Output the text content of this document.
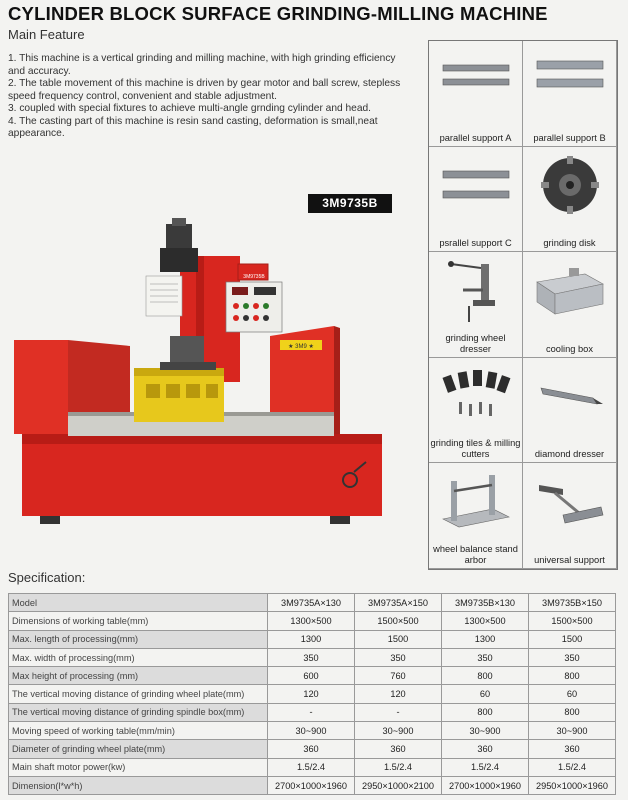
CYLINDER BLOCK SURFACE GRINDING-MILLING MACHINE
Main Feature

1. This machine is a vertical grinding and milling machine, with high grinding efficiency and accuracy.

2. The table movement of this machine is driven by gear motor and ball screw, stepless speed frequency control, convenient and stable adjustment.

3. coupled with special fixtures to achieve multi-angle grnding cylinder and head.

4. The casting part of this machine is resin sand casting, deformation is small,neat appearance.

3M9735B
★ 3M9 ★
3M9735B
parallel support A	parallel support B
psrallel support C	grinding disk
grinding wheel dresser	cooling box
grinding tiles & milling cutters	diamond dresser
wheel balance stand arbor	universal support
Specification:
Model	3M9735A×130	3M9735A×150	3M9735B×130	3M9735B×150
Dimensions of working table(mm)	1300×500	1500×500	1300×500	1500×500
Max. length of processing(mm)	1300	1500	1300	1500
Max. width of processing(mm)	350	350	350	350
Max height of processing (mm)	600	760	800	800
The vertical moving distance of grinding wheel plate(mm)	120	120	60	60
The vertical moving distance of grinding spindle box(mm)	-	-	800	800
Moving speed of working table(mm/min)	30~900	30~900	30~900	30~900
Diameter of grinding wheel plate(mm)	360	360	360	360
Main shaft motor power(kw)	1.5/2.4	1.5/2.4	1.5/2.4	1.5/2.4
Dimension(l*w*h)	2700×1000×1960	2950×1000×2100	2700×1000×1960	2950×1000×1960
